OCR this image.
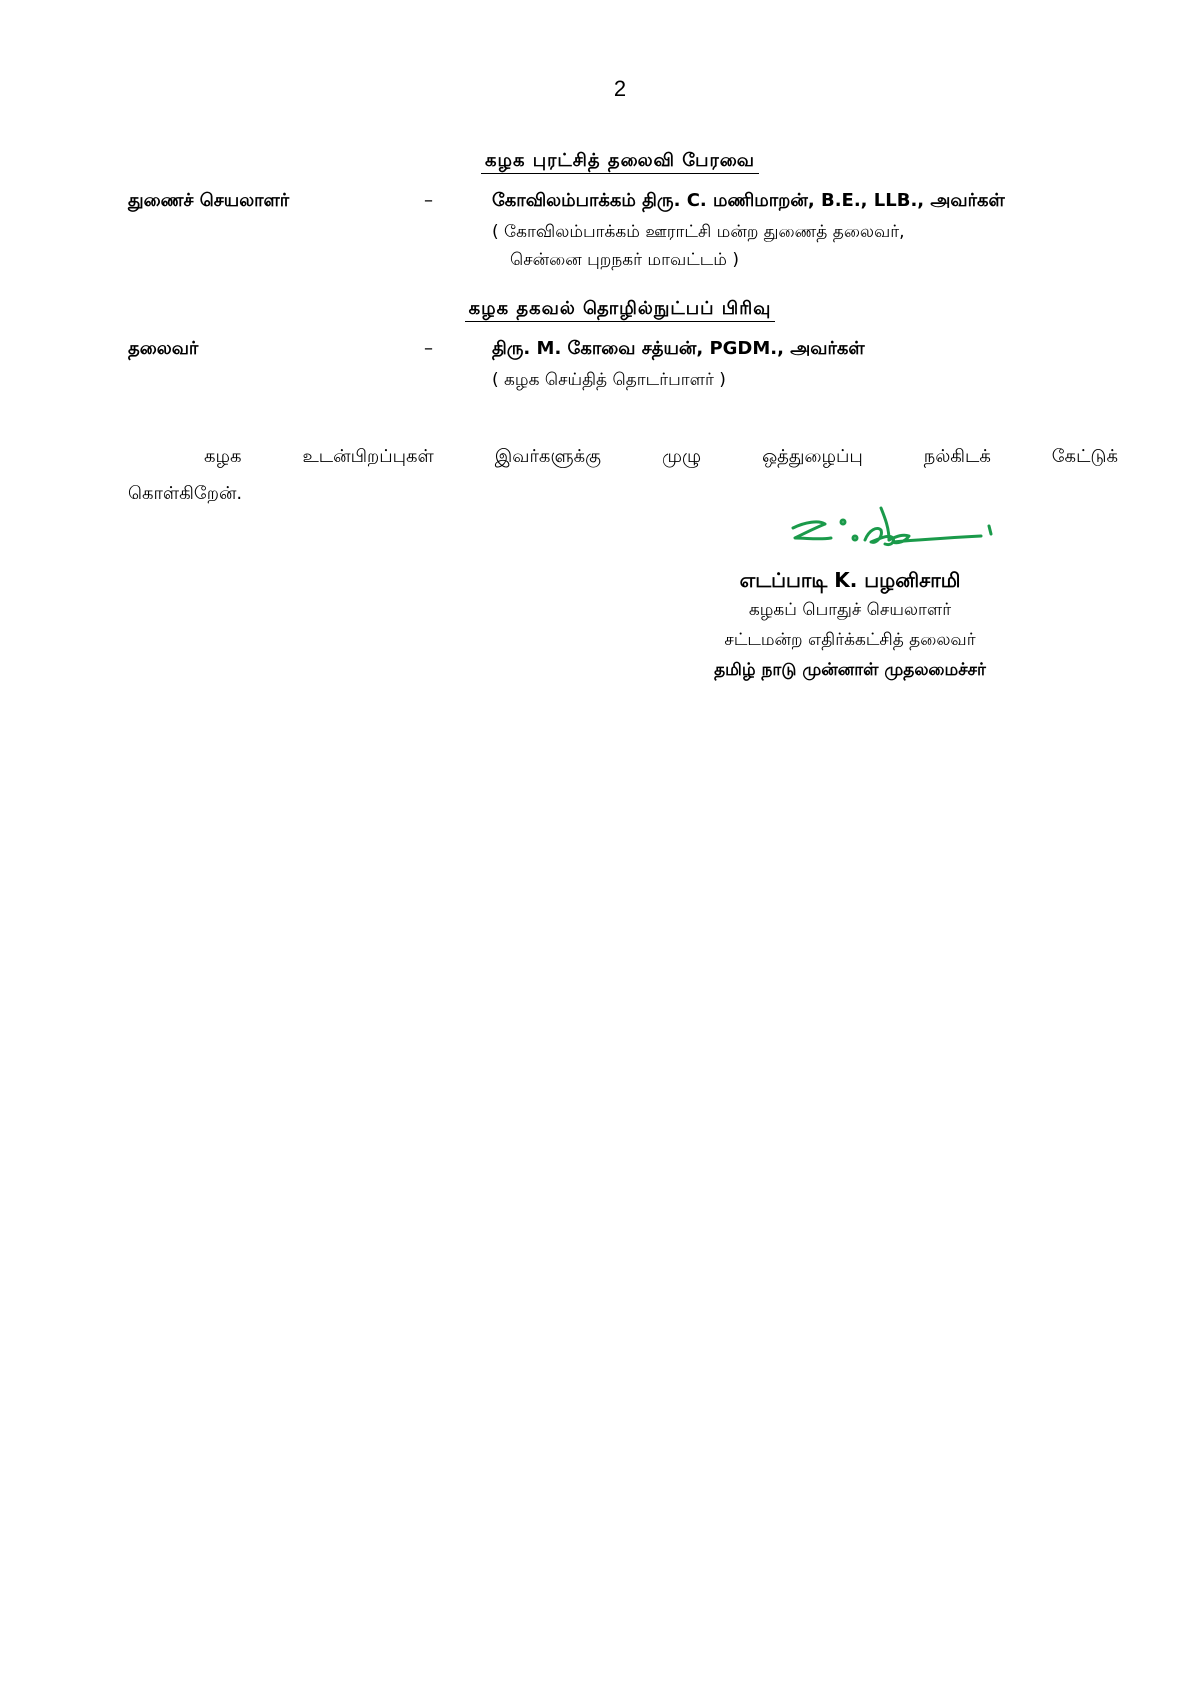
2
கழக புரட்சித் தலைவி பேரவை
துணைச் செயலாளர்	–	கோவிலம்பாக்கம் திரு. C. மணிமாறன், B.E., LLB., அவர்கள்
( கோவிலம்பாக்கம் ஊராட்சி மன்ற துணைத் தலைவர்,
சென்னை புறநகர் மாவட்டம் )
கழக தகவல் தொழில்நுட்பப் பிரிவு
தலைவர்	–	திரு. M. கோவை சத்யன், PGDM., அவர்கள்
( கழக செய்தித் தொடர்பாளர் )
கழக	உடன்பிறப்புகள்	இவர்களுக்கு	முழு	ஒத்துழைப்பு	நல்கிடக்	கேட்டுக்
கொள்கிறேன்.
எடப்பாடி K. பழனிசாமி
கழகப் பொதுச் செயலாளர்
சட்டமன்ற எதிர்க்கட்சித் தலைவர்
தமிழ் நாடு முன்னாள் முதலமைச்சர்
